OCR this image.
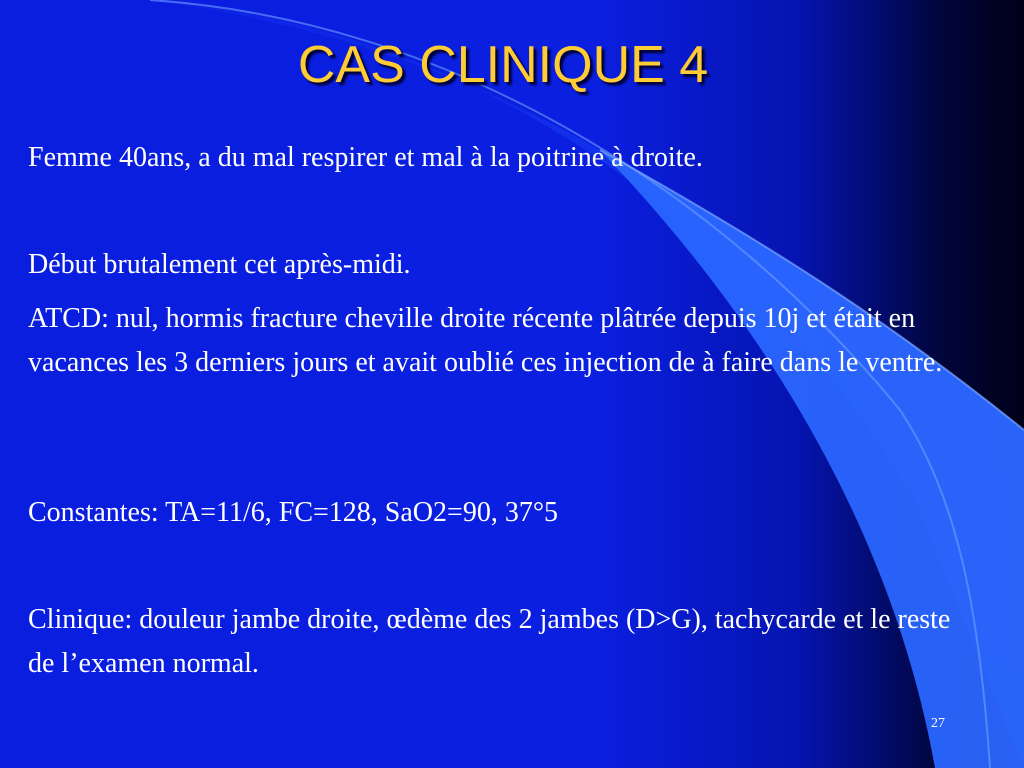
CAS CLINIQUE 4

Femme 40ans, a du mal respirer et mal à la poitrine à droite.

Début brutalement cet après-midi.

ATCD: nul, hormis fracture cheville droite récente plâtrée depuis 10j et était en vacances les 3 derniers jours et avait oublié ces injection de à faire dans le ventre.

Constantes: TA=11/6, FC=128, SaO2=90, 37°5

Clinique: douleur jambe droite, œdème des 2 jambes (D>G), tachycarde et le reste de l’examen normal.

27
